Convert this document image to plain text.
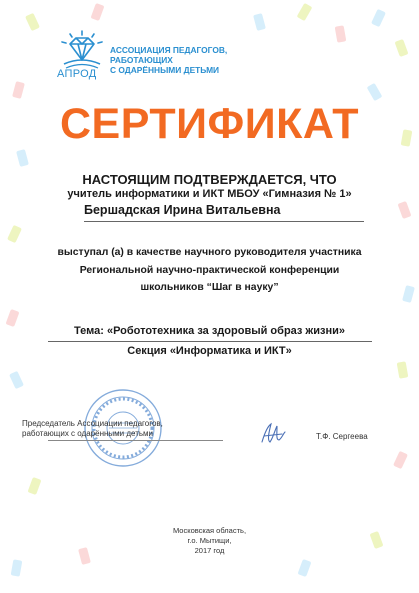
АПРОД
АССОЦИАЦИЯ ПЕДАГОГОВ,
РАБОТАЮЩИХ
С ОДАРЁННЫМИ ДЕТЬМИ
СЕРТИФИКАТ
НАСТОЯЩИМ ПОДТВЕРЖДАЕТСЯ, ЧТО
учитель информатики и ИКТ МБОУ «Гимназия № 1»
Бершадская Ирина Витальевна
выступал (а) в качестве научного руководителя участника
Региональной научно-практической конференции
школьников “Шаг в науку”
Тема: «Робототехника за здоровый образ жизни»
Секция «Информатика и ИКТ»
Председатель Ассоциации педагогов,
работающих с одарёнными детьми	Т.Ф. Сергеева
Московская область,
г.о. Мытищи,
2017 год
